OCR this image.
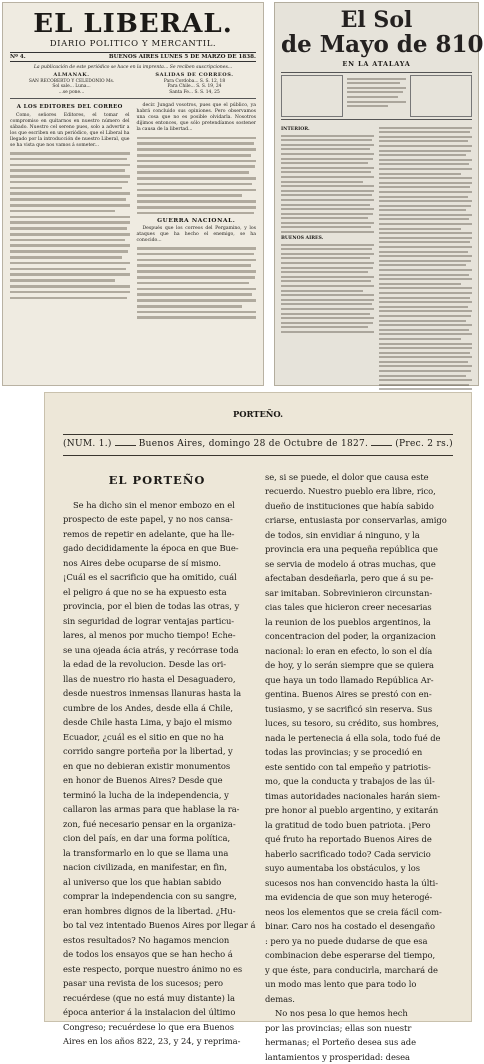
EL LIBERAL.
DIARIO POLITICO Y MERCANTIL.
Nº 4.	BUENOS AIRES LUNES 5 DE MARZO DE 1838.
La publicación de este periódico se hace en la imprenta... Se reciben suscripciones...
ALMANAK.
SAN RECOBERTO Y CELEDONIO Ms.
Sol sale... Luna...
...se pone...
SALIDAS DE CORREOS.
Para Cordoba... S. S. 12, 18
Para Chile... S. S. 19, 24
Santa Fe... S. S. 14, 25
A LOS EDITORES DEL CORREO
Como, señores Editores, el tomar el compromiso en quitarnos en nuestro número del sábado. Nuestro cel sereno pues, solo a advertir a los que escriben en un periódico, que el Liberal ha llegado por la introducción de nuestro Liberal, que se ha vista que nos vamos á someter...
decir. Jungad vosotros, pues que el público, ya habrá concluido sus opiniones. Pero observamos una cosa que no es posible olvidarla. Nosotros dijimos entonces, que sólo pretendíamos sostener la causa de la libertad...
GUERRA NACIONAL.
Después que los correos del Pergamino, y los ataques que ha hecho el enemigo, se ha conocido...
El Sol
de Mayo de 810
EN LA ATALAYA
INTERIOR.
BUENOS AIRES.
PORTEÑO.
(NUM. 1.)	Buenos Aires, domingo 28 de Octubre de 1827.	(Prec. 2 rs.)
EL PORTEÑO
Se ha dicho sin el menor embozo en el
prospecto de este papel, y no nos cansa-
remos de repetir en adelante, que ha lle-
gado decididamente la época en que Bue-
nos Aires debe ocuparse de sí mismo.
¡Cuál es el sacrificio que ha omitido, cuál
el peligro á que no se ha expuesto esta
provincia, por el bien de todas las otras, y
sin seguridad de lograr ventajas particu-
lares, al menos por mucho tiempo! Eche-
se una ojeada ácia atrás, y recórrase toda
la edad de la revolucion. Desde las ori-
llas de nuestro rio hasta el Desaguadero,
desde nuestros inmensas llanuras hasta la
cumbre de los Andes, desde ella á Chile,
desde Chile hasta Lima, y bajo el mismo
Ecuador, ¿cuál es el sitio en que no ha
corrido sangre porteña por la libertad, y
en que no debieran existir monumentos
en honor de Buenos Aires? Desde que
terminó la lucha de la independencia, y
callaron las armas para que hablase la ra-
zon, fué necesario pensar en la organiza-
cion del país, en dar una forma política,
la transformarlo en lo que se llama una
nacion civilizada, en manifestar, en fin,
al universo que los que habian sabido
comprar la independencia con su sangre,
eran hombres dignos de la libertad. ¿Hu-
bo tal vez intentado Buenos Aires por llegar á
estos resultados? No hagamos mencion
de todos los ensayos que se han hecho á
este respecto, porque nuestro ánimo no es
pasar una revista de los sucesos; pero
recuérdese (que no está muy distante) la
época anterior á la instalacion del último
Congreso; recuérdese lo que era Buenos
Aires en los años 822, 23, y 24, y reprima-
se, si se puede, el dolor que causa este
recuerdo. Nuestro pueblo era libre, rico,
dueño de instituciones que había sabido
criarse, entusiasta por conservarlas, amigo
de todos, sin envidiar á ninguno, y la
provincia era una pequeña república que
se servia de modelo á otras muchas, que
afectaban desdeñarla, pero que á su pe-
sar imitaban. Sobrevinieron circunstan-
cias tales que hicieron creer necesarias
la reunion de los pueblos argentinos, la
concentracion del poder, la organizacion
nacional: lo eran en efecto, lo son el día
de hoy, y lo serán siempre que se quiera
que haya un todo llamado República Ar-
gentina. Buenos Aires se prestó con en-
tusiasmo, y se sacrificó sin reserva. Sus
luces, su tesoro, su crédito, sus hombres,
nada le pertenecia á ella sola, todo fué de
todas las provincias; y se procedió en
este sentido con tal empeño y patriotis-
mo, que la conducta y trabajos de las úl-
timas autoridades nacionales harán siem-
pre honor al pueblo argentino, y exitarán
la gratitud de todo buen patriota. ¡Pero
qué fruto ha reportado Buenos Aires de
haberlo sacrificado todo? Cada servicio
suyo aumentaba los obstáculos, y los
sucesos nos han convencido hasta la últi-
ma evidencia de que son muy heterogé-
neos los elementos que se creia fácil com-
binar. Caro nos ha costado el desengaño
: pero ya no puede dudarse de que esa
combinacion debe esperarse del tiempo,
y que éste, para conducirla, marchará de
un modo mas lento que para todo lo
demas.
No nos pesa lo que hemos hech
por las provincias; ellas son nuestr
hermanas; el Porteño desea sus ade
lantamientos y prosperidad: desea
